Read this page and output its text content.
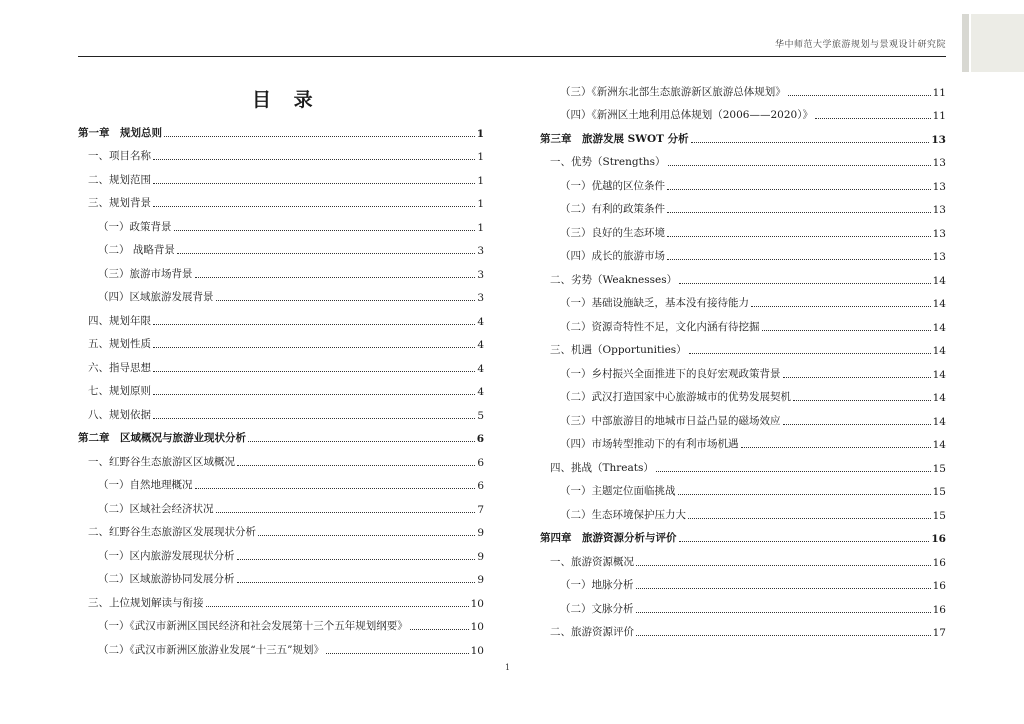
华中师范大学旅游规划与景观设计研究院
目 录
第一章　规划总则	1
一、项目名称	1
二、规划范围	1
三、规划背景	1
（一）政策背景	1
（二） 战略背景	3
（三）旅游市场背景	3
（四）区域旅游发展背景	3
四、规划年限	4
五、规划性质	4
六、指导思想	4
七、规划原则	4
八、规划依据	5
第二章　区域概况与旅游业现状分析	6
一、红野谷生态旅游区区域概况	6
（一）自然地理概况	6
（二）区域社会经济状况	7
二、红野谷生态旅游区发展现状分析	9
（一）区内旅游发展现状分析	9
（二）区域旅游协同发展分析	9
三、上位规划解读与衔接	10
（一）《武汉市新洲区国民经济和社会发展第十三个五年规划纲要》	10
（二）《武汉市新洲区旅游业发展“十三五”规划》	10
（三）《新洲东北部生态旅游新区旅游总体规划》	11
（四）《新洲区土地利用总体规划（2006——2020）》	11
第三章　旅游发展 SWOT 分析	13
一、优势（Strengths）	13
（一）优越的区位条件	13
（二）有利的政策条件	13
（三）良好的生态环境	13
（四）成长的旅游市场	13
二、劣势（Weaknesses）	14
（一）基础设施缺乏，基本没有接待能力	14
（二）资源奇特性不足，文化内涵有待挖掘	14
三、机遇（Opportunities）	14
（一）乡村振兴全面推进下的良好宏观政策背景	14
（二）武汉打造国家中心旅游城市的优势发展契机	14
（三）中部旅游目的地城市日益凸显的磁场效应	14
（四）市场转型推动下的有利市场机遇	14
四、挑战（Threats）	15
（一）主题定位面临挑战	15
（二）生态环境保护压力大	15
第四章　旅游资源分析与评价	16
一、旅游资源概况	16
（一）地脉分析	16
（二）文脉分析	16
二、旅游资源评价	17
1
